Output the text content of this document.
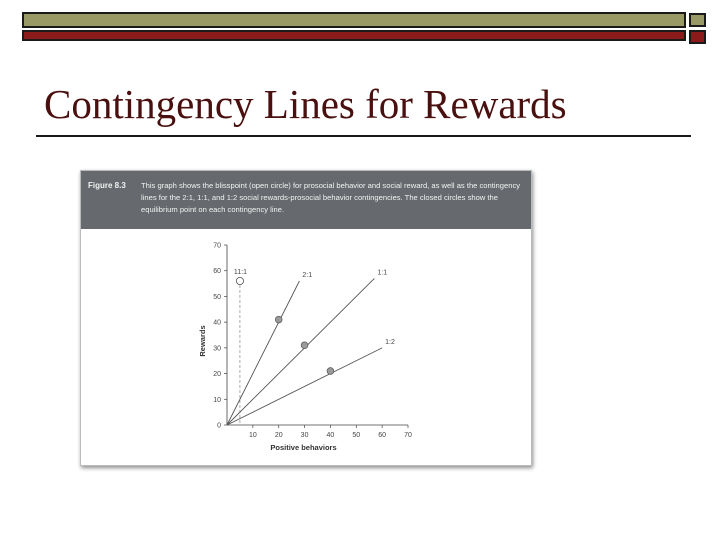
Contingency Lines for Rewards
Figure 8.3 This graph shows the blisspoint (open circle) for prosocial behavior and social reward, as well as the contingency lines for the 2:1, 1:1, and 1:2 social rewards-prosocial behavior contingencies. The closed circles show the equilibrium point on each contingency line.
0
10
20
30
40
50
60
70
10	20	30	40	50	60	70
Positive behaviors
Rewards
2:1	1:1
1:2
11:1
